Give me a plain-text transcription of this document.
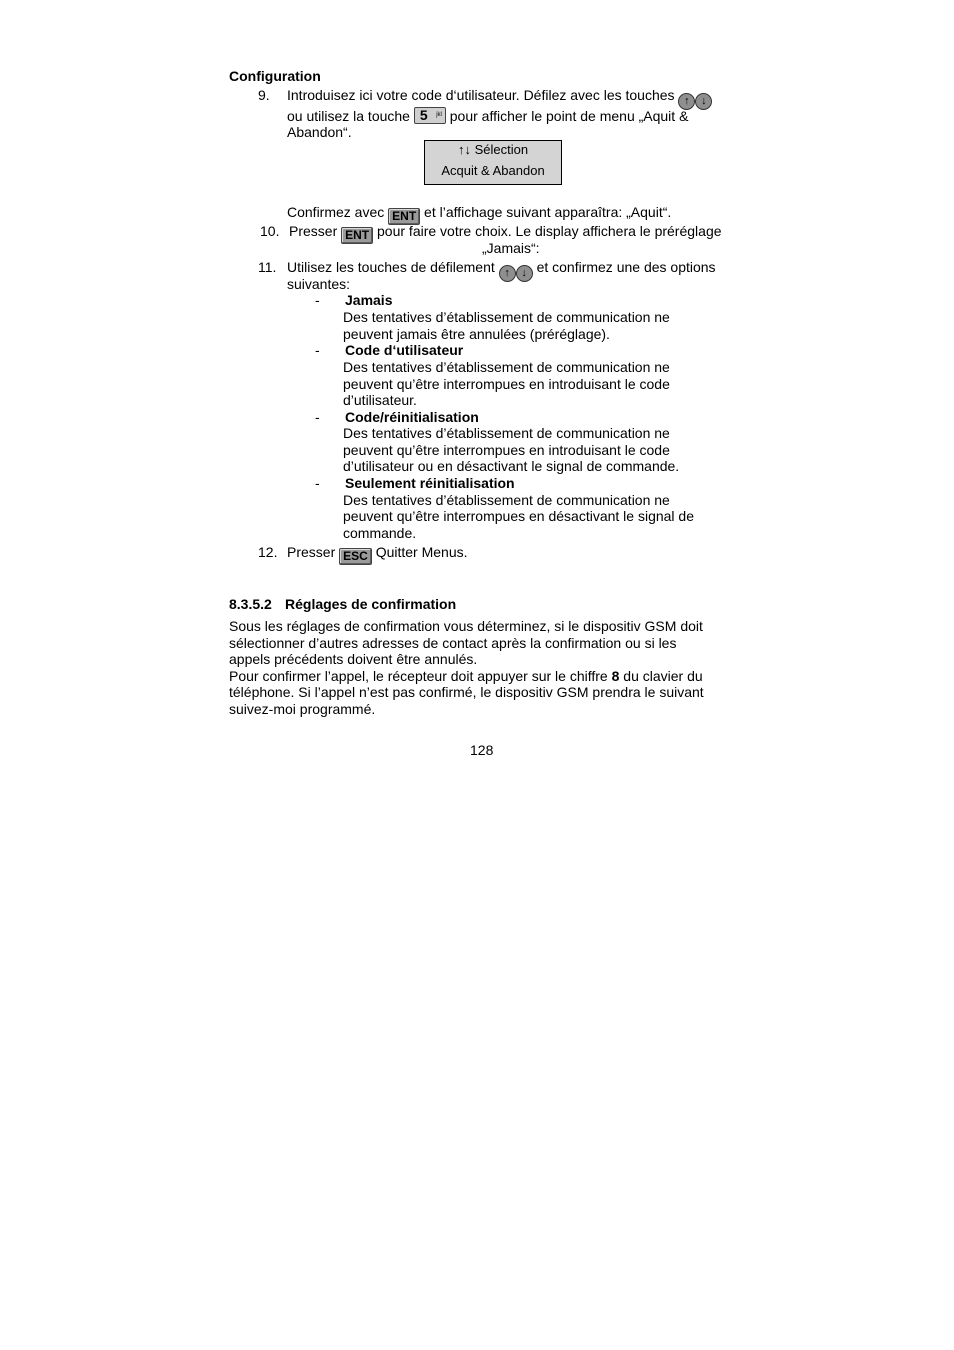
Configuration
9. Introduisez ici votre code d‘utilisateur. Défilez avec les touches ↑ ↓
ou utilisez la touche 5 jkl pour afficher le point de menu „Aquit &
Abandon“.
↑↓ Sélection
Acquit & Abandon
Confirmez avec ENT et l’affichage suivant apparaîtra: „Aquit“.
10. Presser ENT pour faire votre choix. Le display affichera le préréglage
„Jamais“:
11. Utilisez les touches de défilement ↑ ↓ et confirmez une des options
suivantes:
- Jamais
Des tentatives d’établissement de communication ne
peuvent jamais être annulées (préréglage).
- Code d‘utilisateur
Des tentatives d’établissement de communication ne
peuvent qu’être interrompues en introduisant le code
d’utilisateur.
- Code/réinitialisation
Des tentatives d’établissement de communication ne
peuvent qu’être interrompues en introduisant le code
d’utilisateur ou en désactivant le signal de commande.
- Seulement réinitialisation
Des tentatives d’établissement de communication ne
peuvent qu’être interrompues en désactivant le signal de
commande.
12. Presser ESC Quitter Menus.
8.3.5.2 Réglages de confirmation
Sous les réglages de confirmation vous déterminez, si le dispositiv GSM doit
sélectionner d’autres adresses de contact après la confirmation ou si les
appels précédents doivent être annulés.
Pour confirmer l’appel, le récepteur doit appuyer sur le chiffre 8 du clavier du
téléphone. Si l’appel n’est pas confirmé, le dispositiv GSM prendra le suivant
suivez-moi programmé.
128
